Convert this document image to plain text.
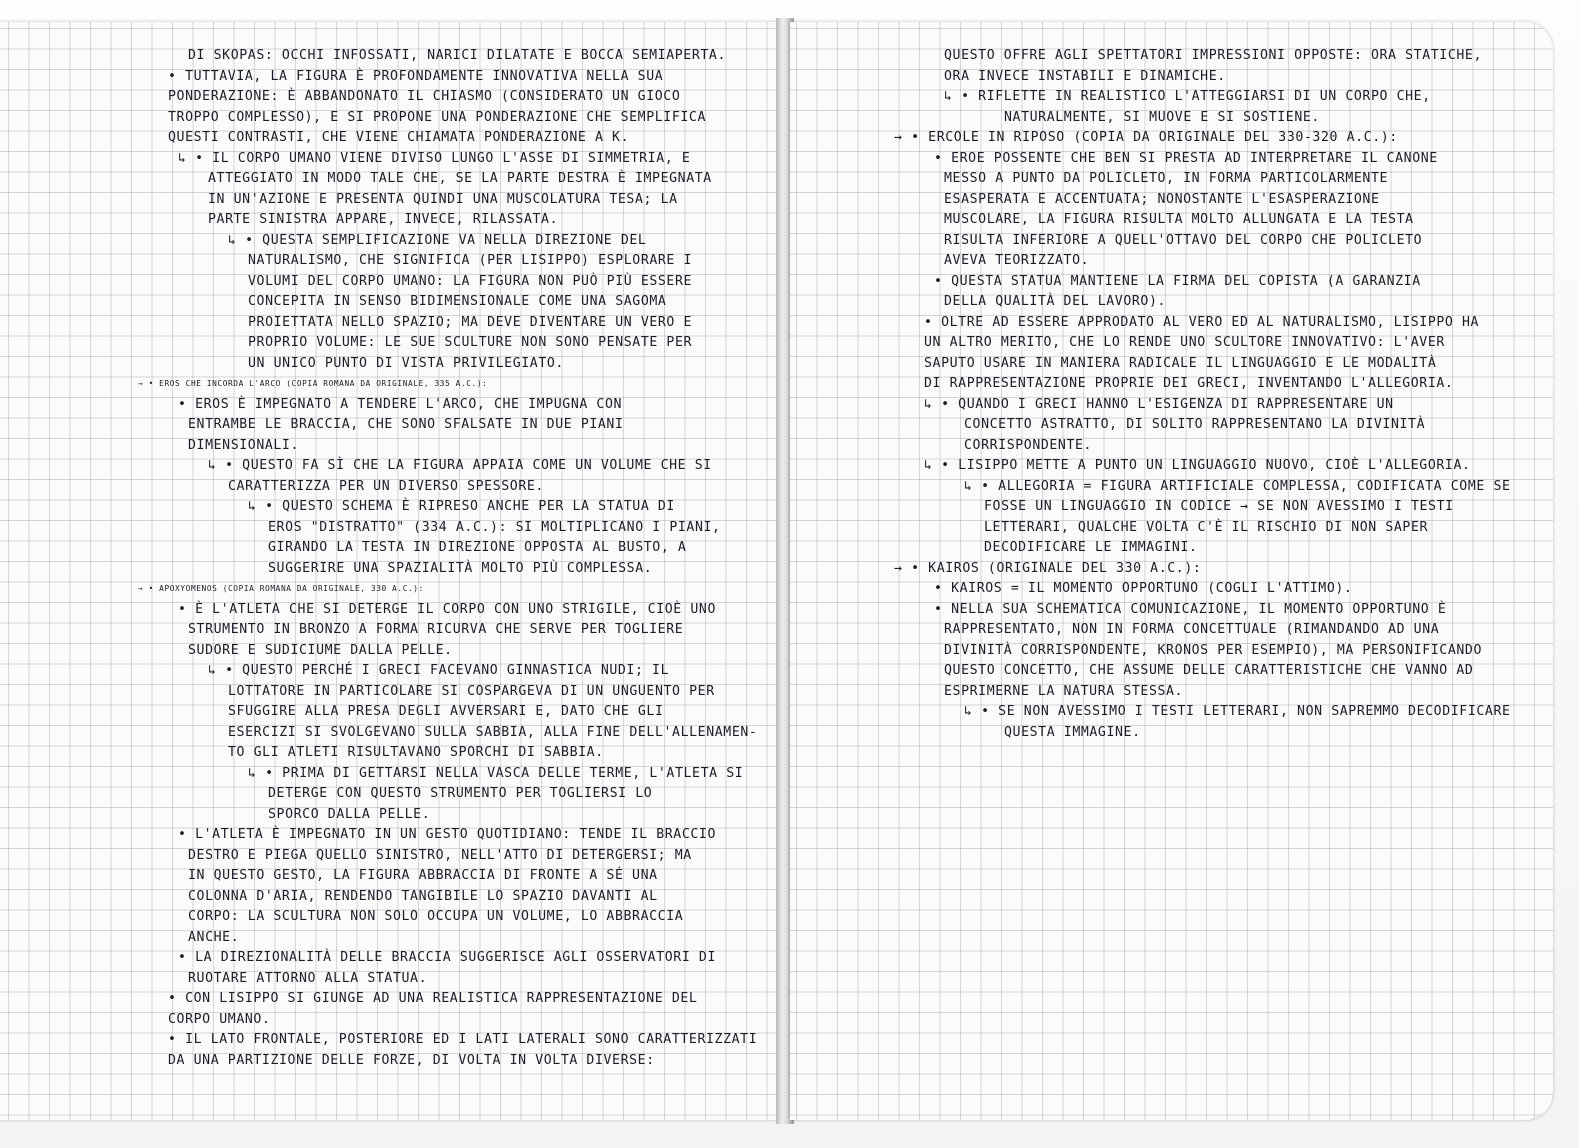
DI SKOPAS: OCCHI INFOSSATI, NARICI DILATATE E BOCCA SEMIAPERTA.
• TUTTAVIA, LA FIGURA È PROFONDAMENTE INNOVATIVA NELLA SUA
PONDERAZIONE: È ABBANDONATO IL CHIASMO (CONSIDERATO UN GIOCO
TROPPO COMPLESSO), E SI PROPONE UNA PONDERAZIONE CHE SEMPLIFICA
QUESTI CONTRASTI, CHE VIENE CHIAMATA PONDERAZIONE A K.
↳ • IL CORPO UMANO VIENE DIVISO LUNGO L'ASSE DI SIMMETRIA, E
ATTEGGIATO IN MODO TALE CHE, SE LA PARTE DESTRA È IMPEGNATA
IN UN'AZIONE E PRESENTA QUINDI UNA MUSCOLATURA TESA; LA
PARTE SINISTRA APPARE, INVECE, RILASSATA.
↳ • QUESTA SEMPLIFICAZIONE VA NELLA DIREZIONE DEL
NATURALISMO, CHE SIGNIFICA (PER LISIPPO) ESPLORARE I
VOLUMI DEL CORPO UMANO: LA FIGURA NON PUÒ PIÙ ESSERE
CONCEPITA IN SENSO BIDIMENSIONALE COME UNA SAGOMA
PROIETTATA NELLO SPAZIO; MA DEVE DIVENTARE UN VERO E
PROPRIO VOLUME: LE SUE SCULTURE NON SONO PENSATE PER
UN UNICO PUNTO DI VISTA PRIVILEGIATO.
→ • EROS CHE INCORDA L'ARCO (COPIA ROMANA DA ORIGINALE, 335 A.C.):
• EROS È IMPEGNATO A TENDERE L'ARCO, CHE IMPUGNA CON
ENTRAMBE LE BRACCIA, CHE SONO SFALSATE IN DUE PIANI
DIMENSIONALI.
↳ • QUESTO FA SÌ CHE LA FIGURA APPAIA COME UN VOLUME CHE SI
CARATTERIZZA PER UN DIVERSO SPESSORE.
↳ • QUESTO SCHEMA È RIPRESO ANCHE PER LA STATUA DI
EROS "DISTRATTO" (334 A.C.): SI MOLTIPLICANO I PIANI,
GIRANDO LA TESTA IN DIREZIONE OPPOSTA AL BUSTO, A
SUGGERIRE UNA SPAZIALITÀ MOLTO PIÙ COMPLESSA.
→ • APOXYOMENOS (COPIA ROMANA DA ORIGINALE, 330 A.C.):
• È L'ATLETA CHE SI DETERGE IL CORPO CON UNO STRIGILE, CIOÈ UNO
STRUMENTO IN BRONZO A FORMA RICURVA CHE SERVE PER TOGLIERE
SUDORE E SUDICIUME DALLA PELLE.
↳ • QUESTO PERCHÉ I GRECI FACEVANO GINNASTICA NUDI; IL
LOTTATORE IN PARTICOLARE SI COSPARGEVA DI UN UNGUENTO PER
SFUGGIRE ALLA PRESA DEGLI AVVERSARI E, DATO CHE GLI
ESERCIZI SI SVOLGEVANO SULLA SABBIA, ALLA FINE DELL'ALLENAMEN-
TO GLI ATLETI RISULTAVANO SPORCHI DI SABBIA.
↳ • PRIMA DI GETTARSI NELLA VASCA DELLE TERME, L'ATLETA SI
DETERGE CON QUESTO STRUMENTO PER TOGLIERSI LO
SPORCO DALLA PELLE.
• L'ATLETA È IMPEGNATO IN UN GESTO QUOTIDIANO: TENDE IL BRACCIO
DESTRO E PIEGA QUELLO SINISTRO, NELL'ATTO DI DETERGERSI; MA
IN QUESTO GESTO, LA FIGURA ABBRACCIA DI FRONTE A SÉ UNA
COLONNA D'ARIA, RENDENDO TANGIBILE LO SPAZIO DAVANTI AL
CORPO: LA SCULTURA NON SOLO OCCUPA UN VOLUME, LO ABBRACCIA
ANCHE.
• LA DIREZIONALITÀ DELLE BRACCIA SUGGERISCE AGLI OSSERVATORI DI
RUOTARE ATTORNO ALLA STATUA.
• CON LISIPPO SI GIUNGE AD UNA REALISTICA RAPPRESENTAZIONE DEL
CORPO UMANO.
• IL LATO FRONTALE, POSTERIORE ED I LATI LATERALI SONO CARATTERIZZATI
DA UNA PARTIZIONE DELLE FORZE, DI VOLTA IN VOLTA DIVERSE:
QUESTO OFFRE AGLI SPETTATORI IMPRESSIONI OPPOSTE: ORA STATICHE,
ORA INVECE INSTABILI E DINAMICHE.
↳ • RIFLETTE IN REALISTICO L'ATTEGGIARSI DI UN CORPO CHE,
NATURALMENTE, SI MUOVE E SI SOSTIENE.
→ • ERCOLE IN RIPOSO (COPIA DA ORIGINALE DEL 330-320 A.C.):
• EROE POSSENTE CHE BEN SI PRESTA AD INTERPRETARE IL CANONE
MESSO A PUNTO DA POLICLETO, IN FORMA PARTICOLARMENTE
ESASPERATA E ACCENTUATA; NONOSTANTE L'ESASPERAZIONE
MUSCOLARE, LA FIGURA RISULTA MOLTO ALLUNGATA E LA TESTA
RISULTA INFERIORE A QUELL'OTTAVO DEL CORPO CHE POLICLETO
AVEVA TEORIZZATO.
• QUESTA STATUA MANTIENE LA FIRMA DEL COPISTA (A GARANZIA
DELLA QUALITÀ DEL LAVORO).
• OLTRE AD ESSERE APPRODATO AL VERO ED AL NATURALISMO, LISIPPO HA
UN ALTRO MERITO, CHE LO RENDE UNO SCULTORE INNOVATIVO: L'AVER
SAPUTO USARE IN MANIERA RADICALE IL LINGUAGGIO E LE MODALITÀ
DI RAPPRESENTAZIONE PROPRIE DEI GRECI, INVENTANDO L'ALLEGORIA.
↳ • QUANDO I GRECI HANNO L'ESIGENZA DI RAPPRESENTARE UN
CONCETTO ASTRATTO, DI SOLITO RAPPRESENTANO LA DIVINITÀ
CORRISPONDENTE.
↳ • LISIPPO METTE A PUNTO UN LINGUAGGIO NUOVO, CIOÈ L'ALLEGORIA.
↳ • ALLEGORIA = FIGURA ARTIFICIALE COMPLESSA, CODIFICATA COME SE
FOSSE UN LINGUAGGIO IN CODICE → SE NON AVESSIMO I TESTI
LETTERARI, QUALCHE VOLTA C'È IL RISCHIO DI NON SAPER
DECODIFICARE LE IMMAGINI.
→ • KAIROS (ORIGINALE DEL 330 A.C.):
• KAIROS = IL MOMENTO OPPORTUNO (COGLI L'ATTIMO).
• NELLA SUA SCHEMATICA COMUNICAZIONE, IL MOMENTO OPPORTUNO È
RAPPRESENTATO, NON IN FORMA CONCETTUALE (RIMANDANDO AD UNA
DIVINITÀ CORRISPONDENTE, KRONOS PER ESEMPIO), MA PERSONIFICANDO
QUESTO CONCETTO, CHE ASSUME DELLE CARATTERISTICHE CHE VANNO AD
ESPRIMERNE LA NATURA STESSA.
↳ • SE NON AVESSIMO I TESTI LETTERARI, NON SAPREMMO DECODIFICARE
QUESTA IMMAGINE.
